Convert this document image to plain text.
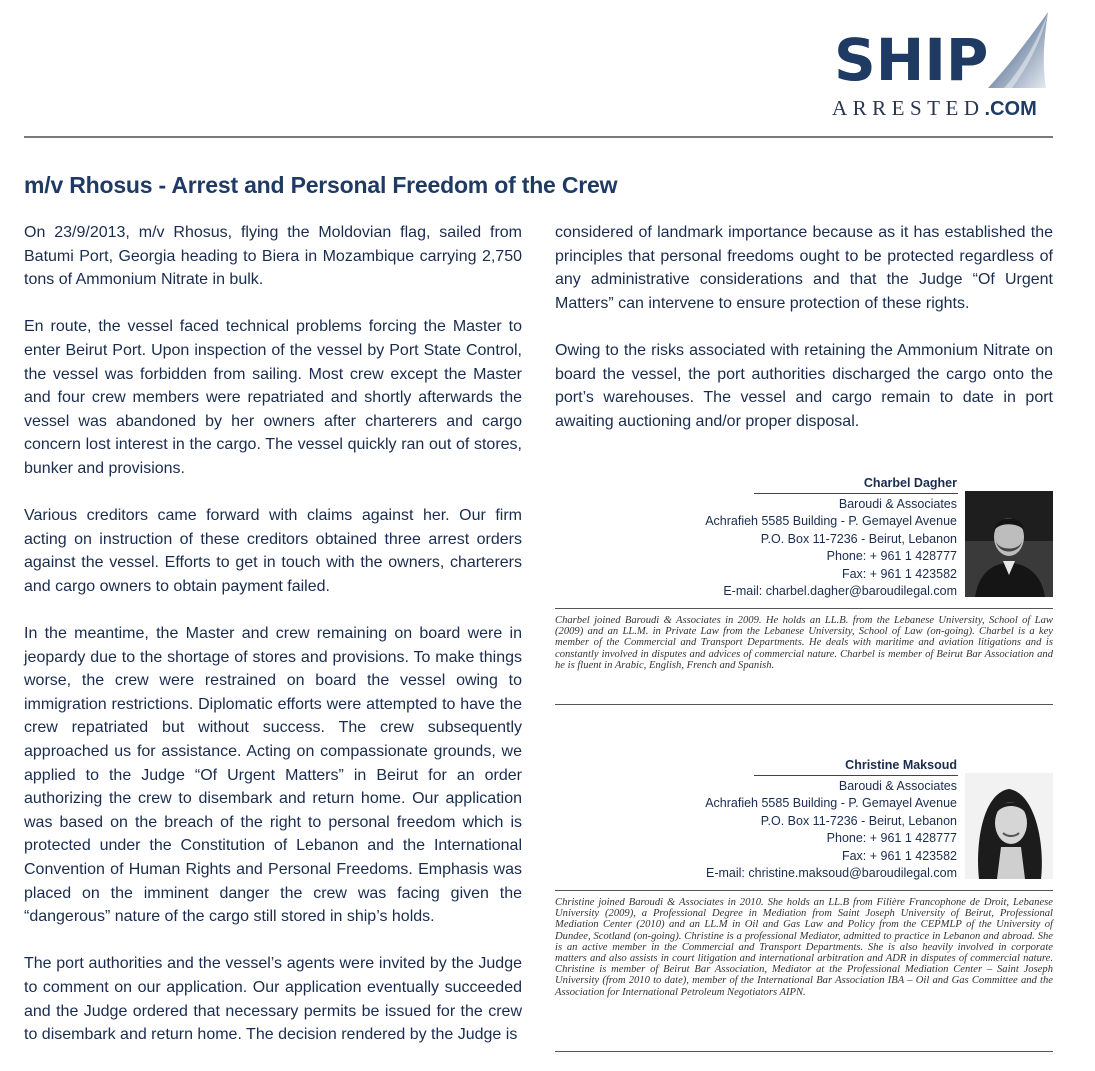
SHIP
ARRESTED.COM
m/v Rhosus - Arrest and Personal Freedom of the Crew

On 23/9/2013, m/v Rhosus, flying the Moldovian flag, sailed from Batumi Port, Georgia heading to Biera in Mozambique carrying 2,750 tons of Ammonium Nitrate in bulk.

En route, the vessel faced technical problems forcing the Master to enter Beirut Port. Upon inspection of the vessel by Port State Control, the vessel was forbidden from sailing. Most crew except the Master and four crew members were repatriated and shortly afterwards the vessel was abandoned by her owners after charterers and cargo concern lost interest in the cargo. The vessel quickly ran out of stores, bunker and provisions.

Various creditors came forward with claims against her. Our firm acting on instruction of these creditors obtained three arrest orders against the vessel. Efforts to get in touch with the owners, charterers and cargo owners to obtain payment failed.

In the meantime, the Master and crew remaining on board were in jeopardy due to the shortage of stores and provisions. To make things worse, the crew were restrained on board the vessel owing to immigration restrictions. Diplomatic efforts were attempted to have the crew repatriated but without success. The crew subsequently approached us for assistance. Acting on compassionate grounds, we applied to the Judge “Of Urgent Matters” in Beirut for an order authorizing the crew to disembark and return home. Our application was based on the breach of the right to personal freedom which is protected under the Constitution of Lebanon and the International Convention of Human Rights and Personal Freedoms. Emphasis was placed on the imminent danger the crew was facing given the “dangerous” nature of the cargo still stored in ship’s holds.

The port authorities and the vessel’s agents were invited by the Judge to comment on our application. Our application eventually succeeded and the Judge ordered that necessary permits be issued for the crew to disembark and return home. The decision rendered by the Judge is

considered of landmark importance because as it has established the principles that personal freedoms ought to be protected regardless of any administrative considerations and that the Judge “Of Urgent Matters” can intervene to ensure protection of these rights.

Owing to the risks associated with retaining the Ammonium Nitrate on board the vessel, the port authorities discharged the cargo onto the port’s warehouses. The vessel and cargo remain to date in port awaiting auctioning and/or proper disposal.

Charbel Dagher
Baroudi & Associates
Achrafieh 5585 Building - P. Gemayel Avenue
P.O. Box 11-7236 - Beirut, Lebanon
Phone: + 961 1 428777
Fax: + 961 1 423582
E-mail: charbel.dagher@baroudilegal.com
Charbel joined Baroudi & Associates in 2009. He holds an LL.B. from the Lebanese University, School of Law (2009) and an LL.M. in Private Law from the Lebanese University, School of Law (on-going). Charbel is a key member of the Commercial and Transport Departments. He deals with maritime and aviation litigations and is constantly involved in disputes and advices of commercial nature. Charbel is member of Beirut Bar Association and he is fluent in Arabic, English, French and Spanish.
Christine Maksoud
Baroudi & Associates
Achrafieh 5585 Building - P. Gemayel Avenue
P.O. Box 11-7236 - Beirut, Lebanon
Phone: + 961 1 428777
Fax: + 961 1 423582
E-mail: christine.maksoud@baroudilegal.com
Christine joined Baroudi & Associates in 2010. She holds an LL.B from Filière Francophone de Droit, Lebanese University (2009), a Professional Degree in Mediation from Saint Joseph University of Beirut, Professional Mediation Center (2010) and an LL.M in Oil and Gas Law and Policy from the CEPMLP of the University of Dundee, Scotland (on-going). Christine is a professional Mediator, admitted to practice in Lebanon and abroad. She is an active member in the Commercial and Transport Departments. She is also heavily involved in corporate matters and also assists in court litigation and international arbitration and ADR in disputes of commercial nature. Christine is member of Beirut Bar Association, Mediator at the Professional Mediation Center – Saint Joseph University (from 2010 to date), member of the International Bar Association IBA – Oil and Gas Committee and the Association for International Petroleum Negotiators AIPN.
